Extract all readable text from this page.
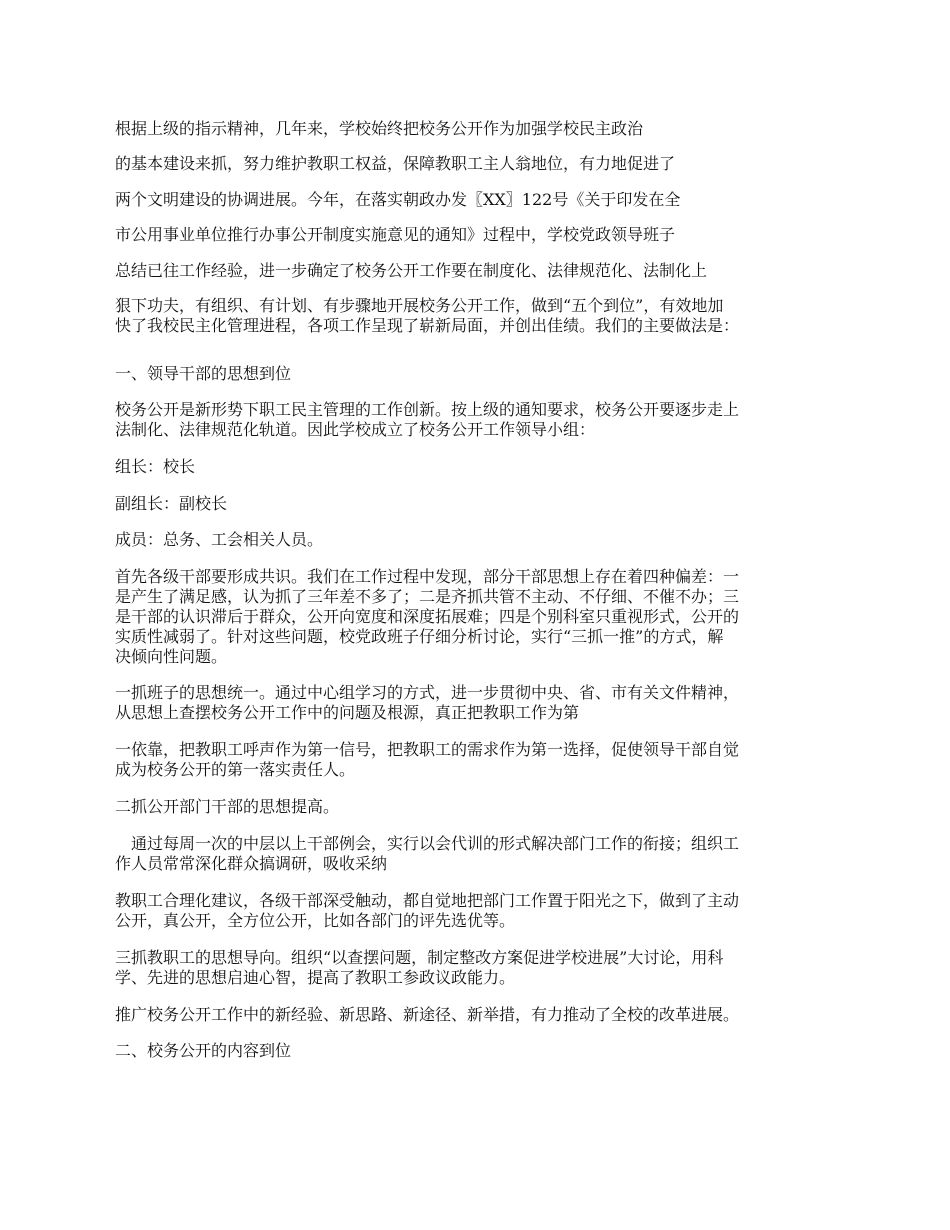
根据上级的指示精神，几年来，学校始终把校务公开作为加强学校民主政治

的基本建设来抓，努力维护教职工权益，保障教职工主人翁地位，有力地促进了

两个文明建设的协调进展。今年，在落实朝政办发〖XX〗122号《关于印发在全

市公用事业单位推行办事公开制度实施意见的通知》过程中，学校党政领导班子

总结已往工作经验，进一步确定了校务公开工作要在制度化、法律规范化、法制化上

狠下功夫，有组织、有计划、有步骤地开展校务公开工作，做到“五个到位”，有效地加
快了我校民主化管理进程，各项工作呈现了崭新局面，并创出佳绩。我们的主要做法是：

一、领导干部的思想到位

校务公开是新形势下职工民主管理的工作创新。按上级的通知要求，校务公开要逐步走上
法制化、法律规范化轨道。因此学校成立了校务公开工作领导小组：

组长：校长

副组长：副校长

成员：总务、工会相关人员。

首先各级干部要形成共识。我们在工作过程中发现，部分干部思想上存在着四种偏差：一
是产生了满足感，认为抓了三年差不多了；二是齐抓共管不主动、不仔细、不催不办；三
是干部的认识滞后于群众，公开向宽度和深度拓展难；四是个别科室只重视形式，公开的
实质性减弱了。针对这些问题，校党政班子仔细分析讨论，实行“三抓一推”的方式，解
决倾向性问题。

一抓班子的思想统一。通过中心组学习的方式，进一步贯彻中央、省、市有关文件精神，
从思想上查摆校务公开工作中的问题及根源，真正把教职工作为第

一依靠，把教职工呼声作为第一信号，把教职工的需求作为第一选择，促使领导干部自觉
成为校务公开的第一落实责任人。

二抓公开部门干部的思想提高。

通过每周一次的中层以上干部例会，实行以会代训的形式解决部门工作的衔接；组织工
作人员常常深化群众搞调研，吸收采纳

教职工合理化建议，各级干部深受触动，都自觉地把部门工作置于阳光之下，做到了主动
公开，真公开，全方位公开，比如各部门的评先选优等。

三抓教职工的思想导向。组织“以查摆问题，制定整改方案促进学校进展”大讨论，用科
学、先进的思想启迪心智，提高了教职工参政议政能力。

推广校务公开工作中的新经验、新思路、新途径、新举措，有力推动了全校的改革进展。

二、校务公开的内容到位
